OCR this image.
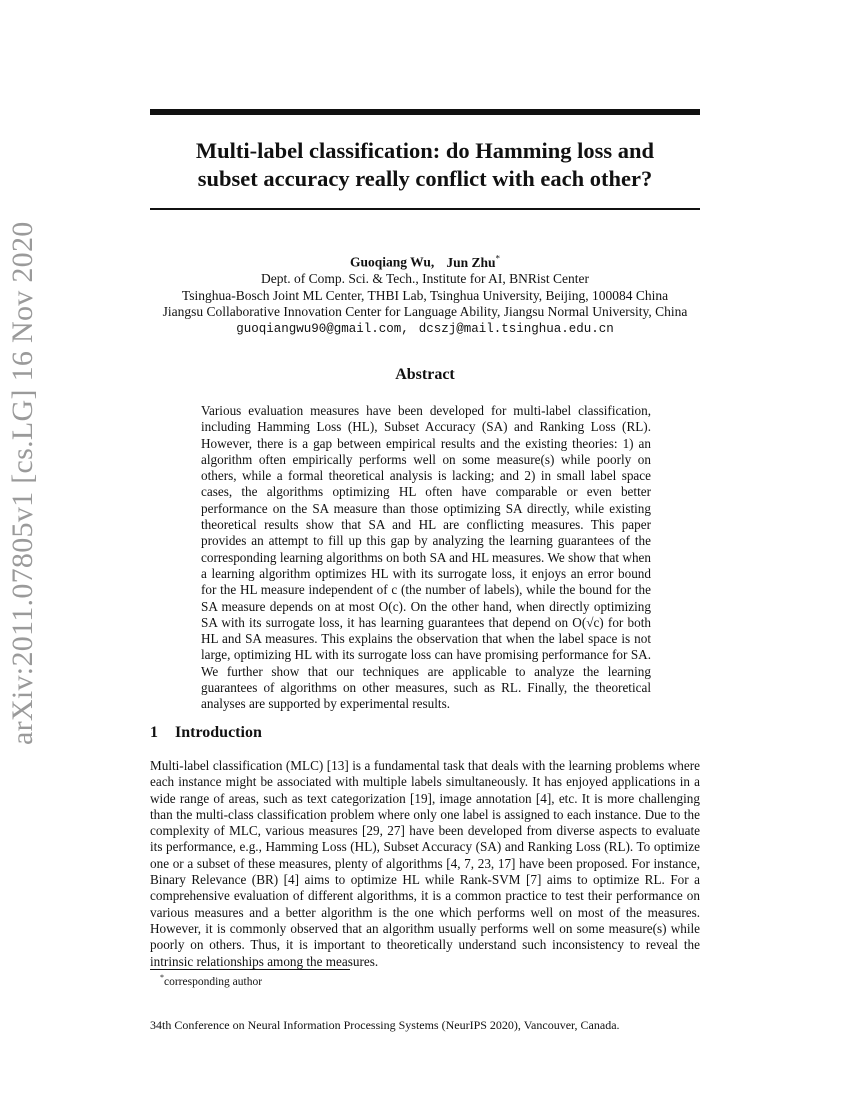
arXiv:2011.07805v1 [cs.LG] 16 Nov 2020
Multi-label classification: do Hamming loss and
subset accuracy really conflict with each other?
Guoqiang Wu, Jun Zhu*
Dept. of Comp. Sci. & Tech., Institute for AI, BNRist Center
Tsinghua-Bosch Joint ML Center, THBI Lab, Tsinghua University, Beijing, 100084 China
Jiangsu Collaborative Innovation Center for Language Ability, Jiangsu Normal University, China
guoqiangwu90@gmail.com, dcszj@mail.tsinghua.edu.cn
Abstract
Various evaluation measures have been developed for multi-label classification, including Hamming Loss (HL), Subset Accuracy (SA) and Ranking Loss (RL). However, there is a gap between empirical results and the existing theories: 1) an algorithm often empirically performs well on some measure(s) while poorly on others, while a formal theoretical analysis is lacking; and 2) in small label space cases, the algorithms optimizing HL often have comparable or even better performance on the SA measure than those optimizing SA directly, while existing theoretical results show that SA and HL are conflicting measures. This paper provides an attempt to fill up this gap by analyzing the learning guarantees of the corresponding learning algorithms on both SA and HL measures. We show that when a learning algorithm optimizes HL with its surrogate loss, it enjoys an error bound for the HL measure independent of c (the number of labels), while the bound for the SA measure depends on at most O(c). On the other hand, when directly optimizing SA with its surrogate loss, it has learning guarantees that depend on O(√c) for both HL and SA measures. This explains the observation that when the label space is not large, optimizing HL with its surrogate loss can have promising performance for SA. We further show that our techniques are applicable to analyze the learning guarantees of algorithms on other measures, such as RL. Finally, the theoretical analyses are supported by experimental results.
1 Introduction
Multi-label classification (MLC) [13] is a fundamental task that deals with the learning problems where each instance might be associated with multiple labels simultaneously. It has enjoyed applications in a wide range of areas, such as text categorization [19], image annotation [4], etc. It is more challenging than the multi-class classification problem where only one label is assigned to each instance. Due to the complexity of MLC, various measures [29, 27] have been developed from diverse aspects to evaluate its performance, e.g., Hamming Loss (HL), Subset Accuracy (SA) and Ranking Loss (RL). To optimize one or a subset of these measures, plenty of algorithms [4, 7, 23, 17] have been proposed. For instance, Binary Relevance (BR) [4] aims to optimize HL while Rank-SVM [7] aims to optimize RL. For a comprehensive evaluation of different algorithms, it is a common practice to test their performance on various measures and a better algorithm is the one which performs well on most of the measures. However, it is commonly observed that an algorithm usually performs well on some measure(s) while poorly on others. Thus, it is important to theoretically understand such inconsistency to reveal the intrinsic relationships among the measures.
*corresponding author
34th Conference on Neural Information Processing Systems (NeurIPS 2020), Vancouver, Canada.
